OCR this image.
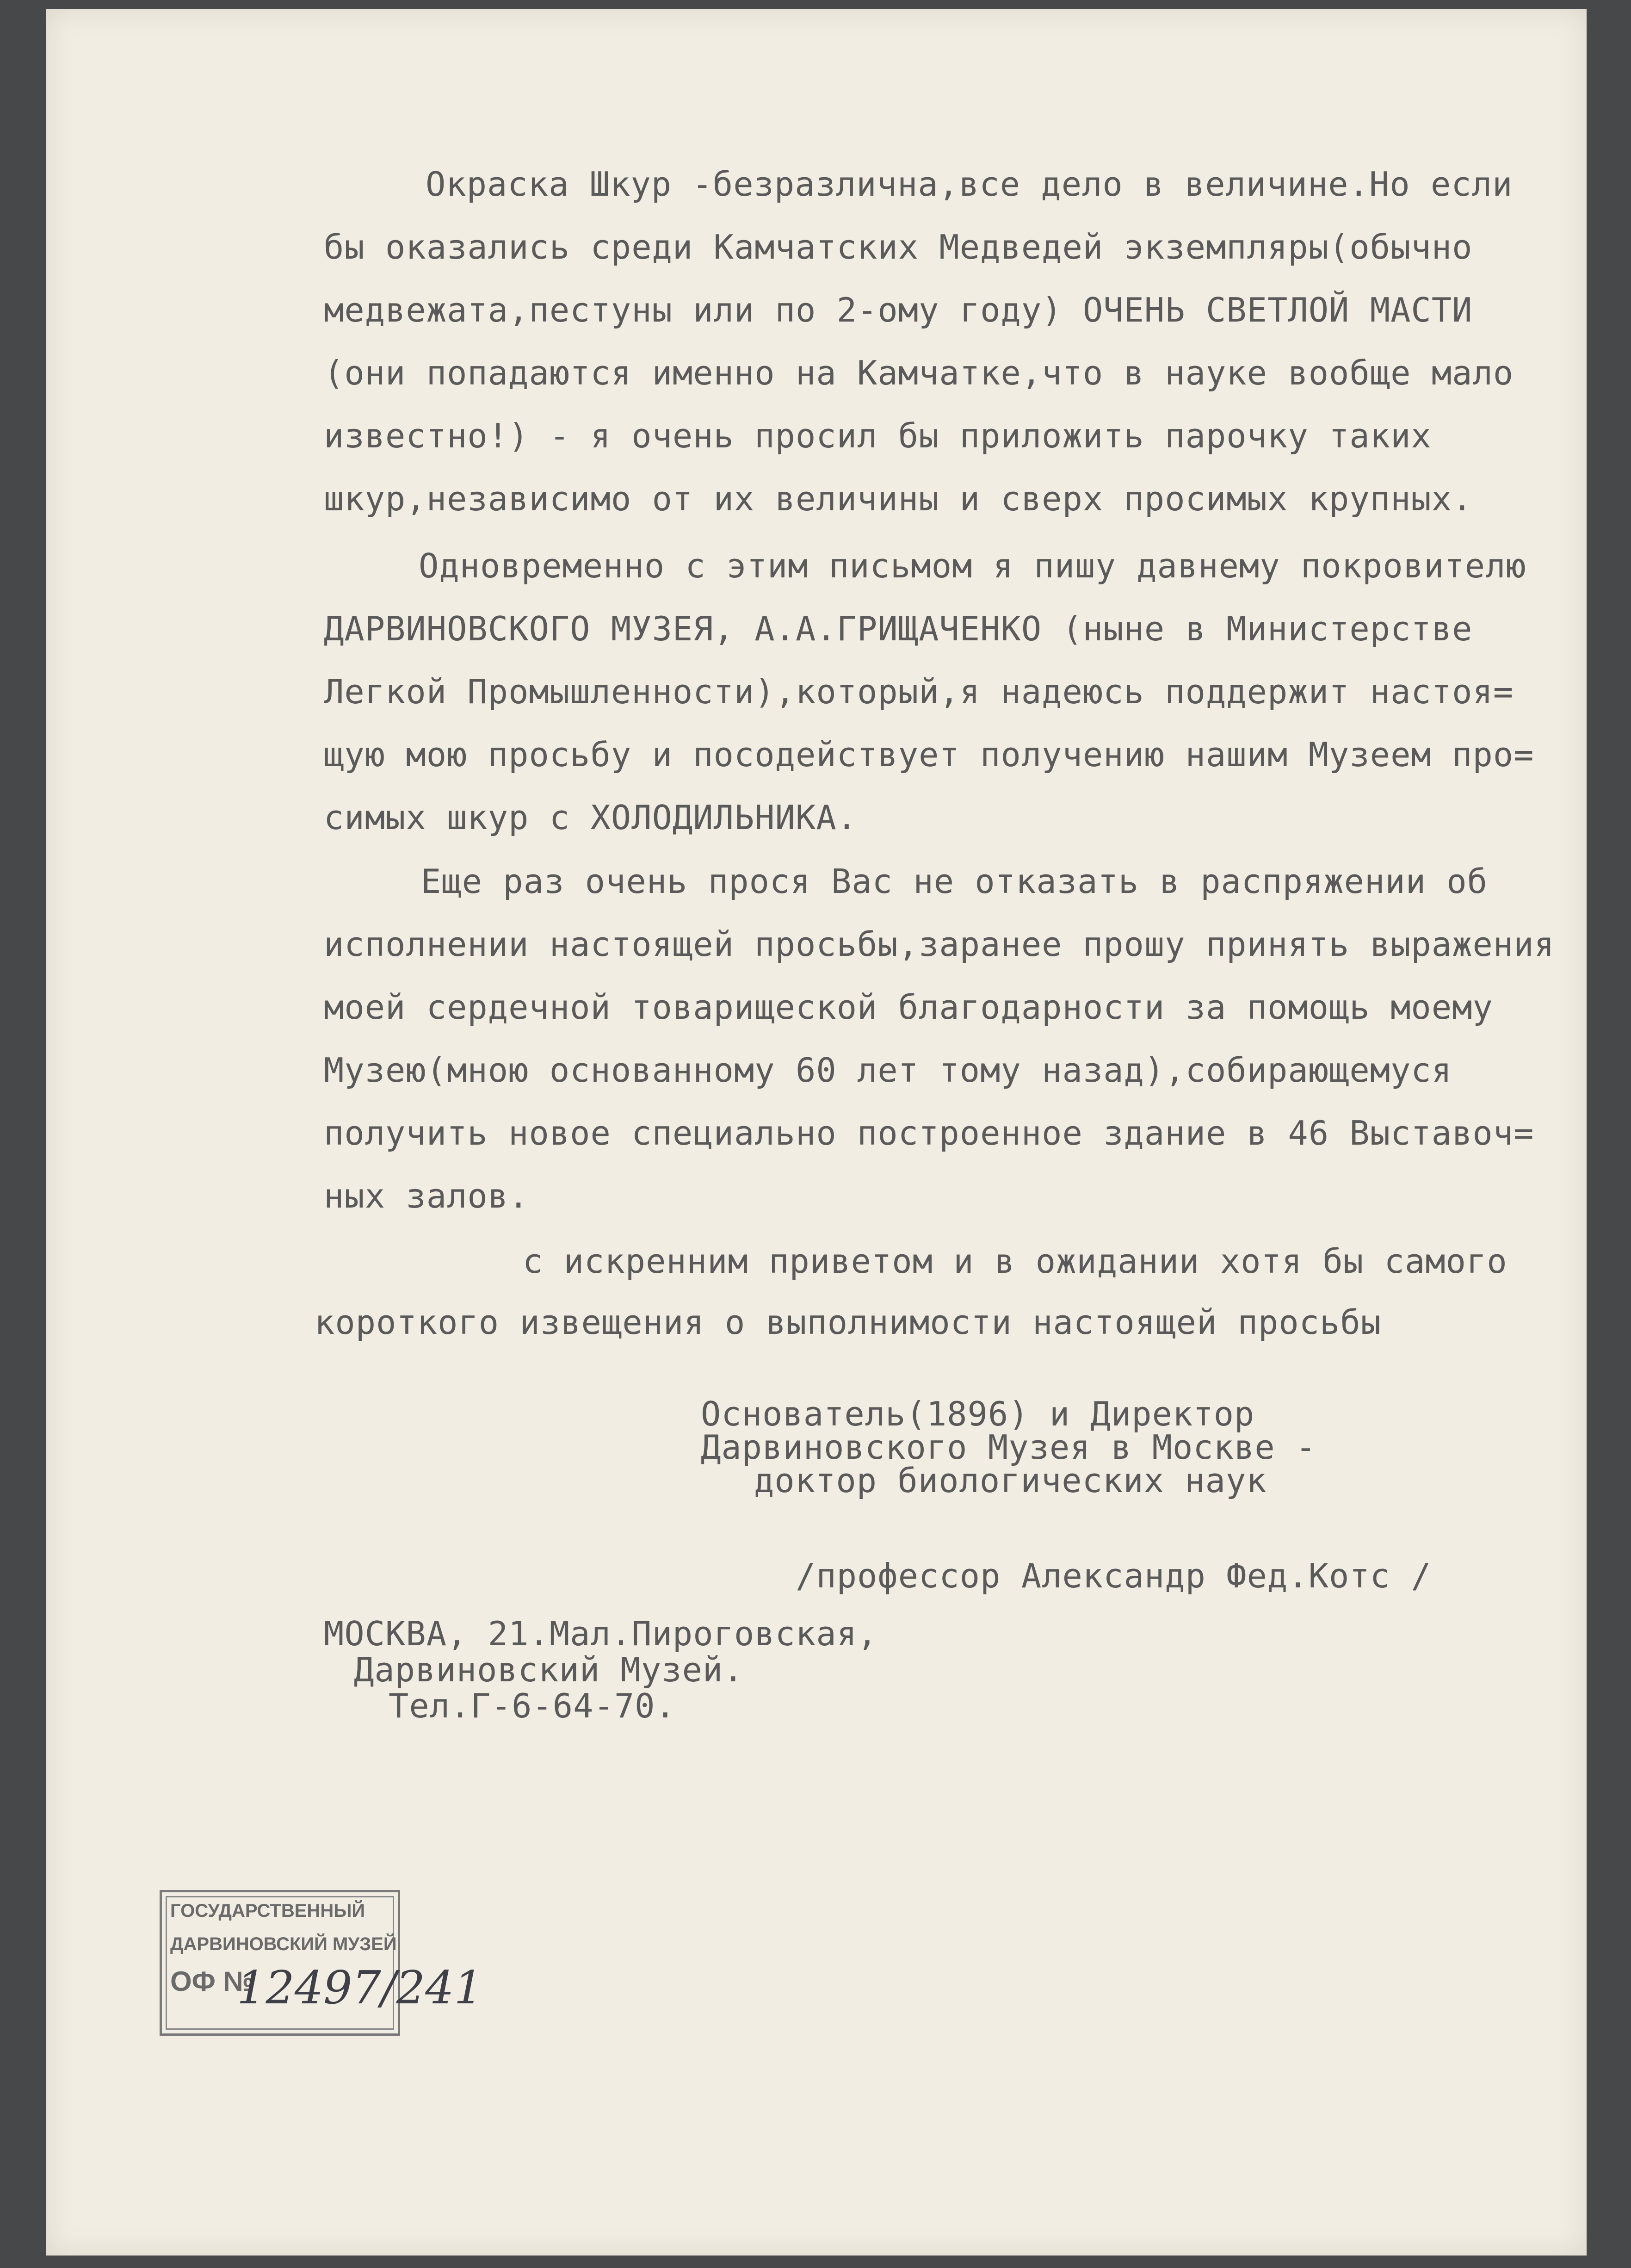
Окраска Шкур -безразлична,все дело в величине.Но если
бы оказались среди Камчатских Медведей экземпляры(обычно
медвежата,пестуны или по 2-ому году) ОЧЕНЬ СВЕТЛОЙ МАСТИ
(они попадаются именно на Камчатке,что в науке вообще мало
известно!) - я очень просил бы приложить парочку таких
шкур,независимо от их величины и сверх просимых крупных.
Одновременно с этим письмом я пишу давнему покровителю
ДАРВИНОВСКОГО МУЗЕЯ, А.А.ГРИЩАЧЕНКО (ныне в Министерстве
Легкой Промышленности),который,я надеюсь поддержит настоя=
щую мою просьбу и посодействует получению нашим Музеем про=
симых шкур с ХОЛОДИЛЬНИКА.
Еще раз очень прося Вас не отказать в распряжении об
исполнении настоящей просьбы,заранее прошу принять выражения
моей сердечной товарищеской благодарности за помощь моему
Музею(мною основанному 60 лет тому назад),собирающемуся
получить новое специально построенное здание в 46 Выставоч=
ных залов.
с искренним приветом и в ожидании хотя бы самого
короткого извещения о выполнимости настоящей просьбы
Основатель(1896) и Директор
Дарвиновского Музея в Москве -
доктор биологических наук
/профессор Александр Фед.Котс /
МОСКВА, 21.Мал.Пироговская,
Дарвиновский Музей.
Тел.Г-6-64-70.
ГОСУДАРСТВЕННЫЙ
ДАРВИНОВСКИЙ МУЗЕЙ
ОФ №
12497/241
